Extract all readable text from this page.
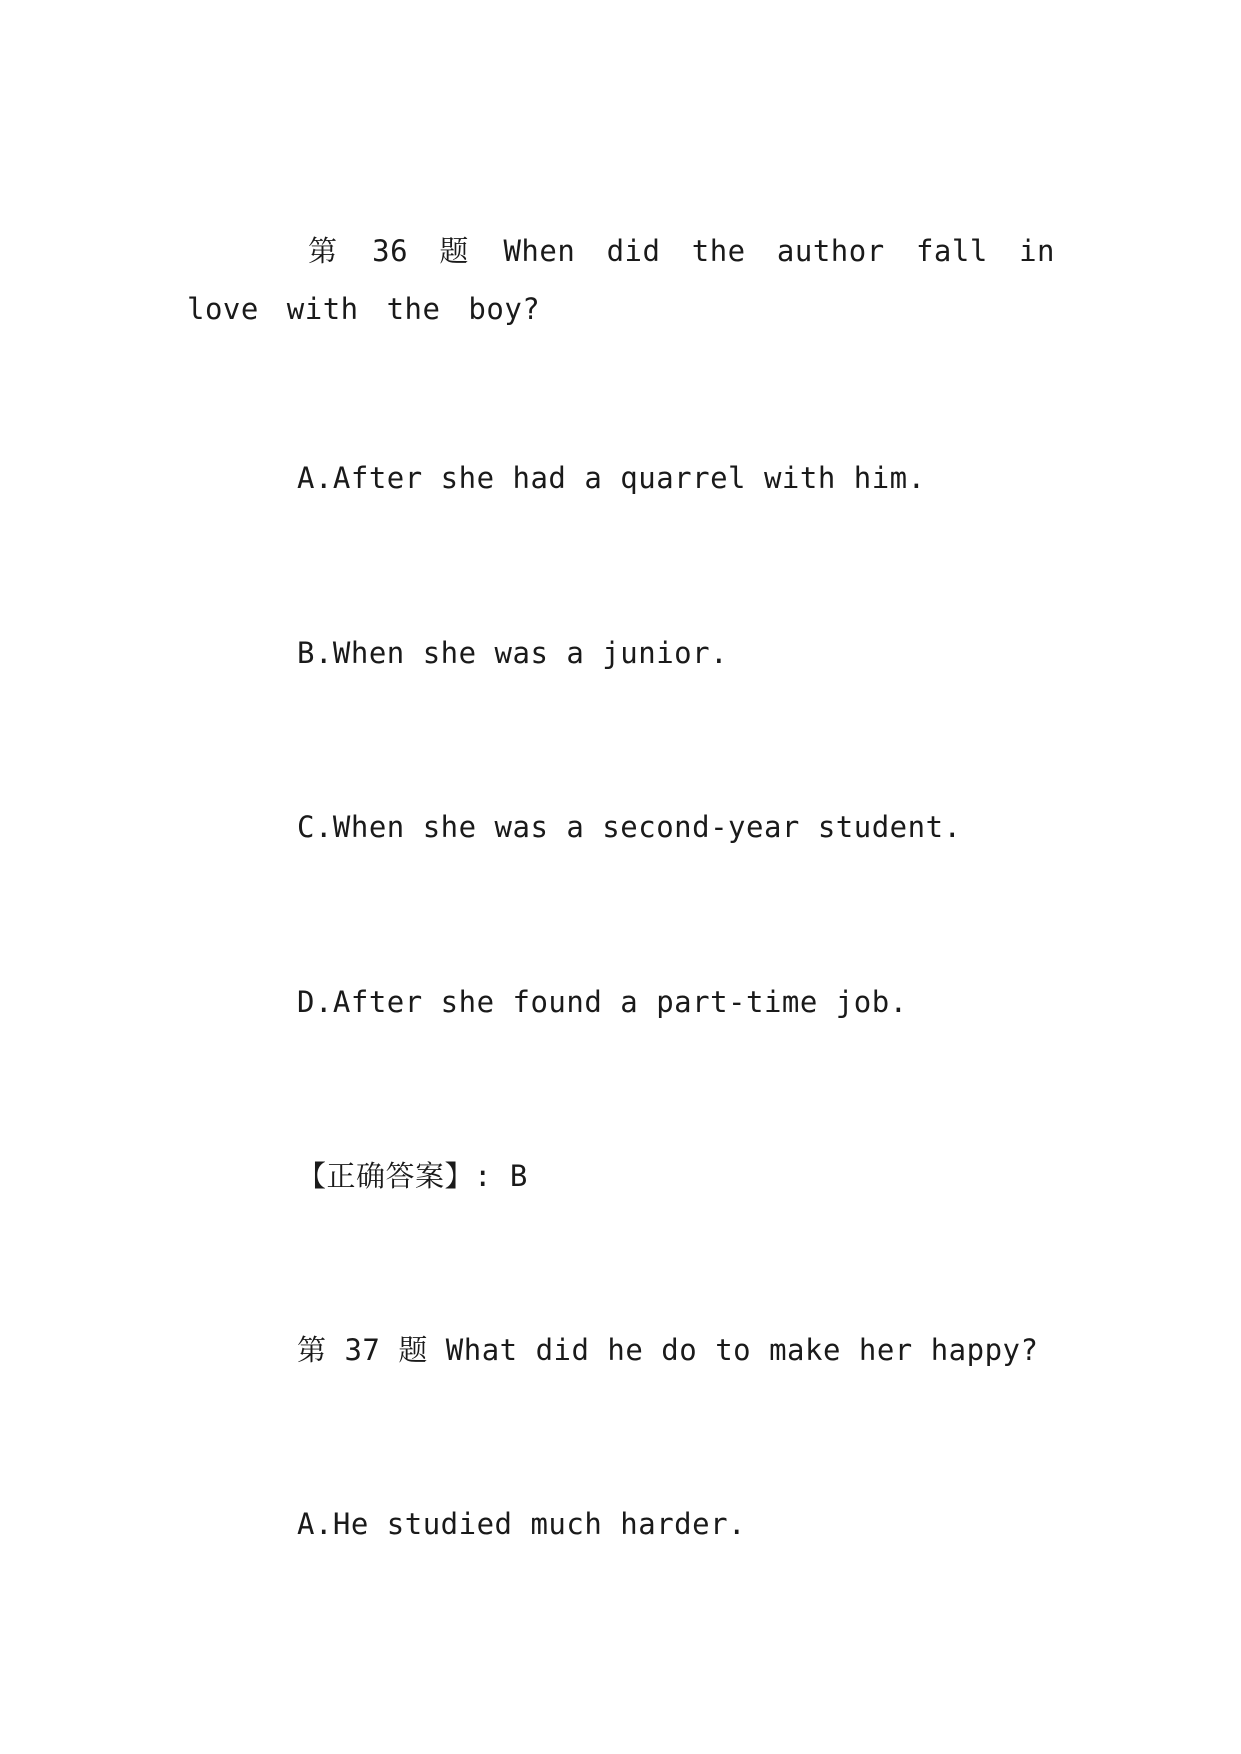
第 36 题 When did the author fall in love with the boy?
A.After she had a quarrel with him.
B.When she was a junior.
C.When she was a second-year student.
D.After she found a part-time job.
【正确答案】: B
第 37 题 What did he do to make her happy?
A.He studied much harder.
